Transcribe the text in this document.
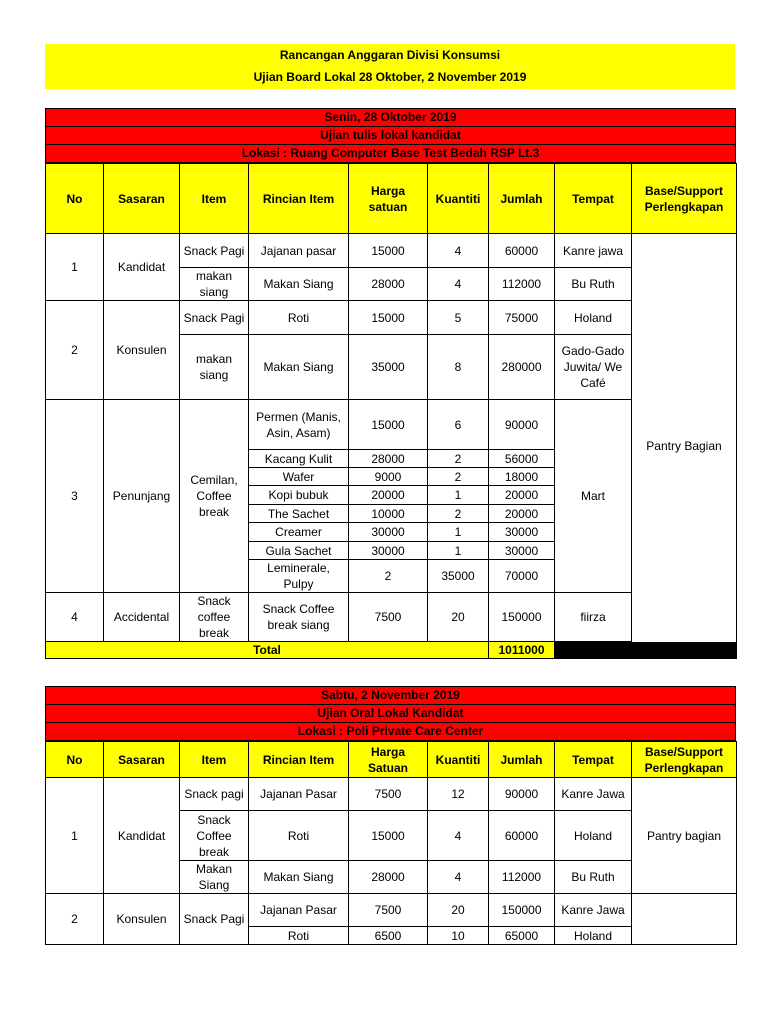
Rancangan Anggaran Divisi Konsumsi
Ujian Board Lokal 28 Oktober, 2 November 2019
Senin, 28 Oktober 2019
Ujian tulis lokal kandidat
Lokasi : Ruang Computer Base Test Bedah RSP Lt.3
No	Sasaran	Item	Rincian Item	Harga satuan	Kuantiti	Jumlah	Tempat	Base/Support Perlengkapan
1	Kandidat	Snack Pagi	Jajanan pasar	15000	4	60000	Kanre jawa	Pantry Bagian
		makan siang	Makan Siang	28000	4	112000	Bu Ruth	
2	Konsulen	Snack Pagi	Roti	15000	5	75000	Holand	
		makan siang	Makan Siang	35000	8	280000	Gado-Gado Juwita/ We Café	
3	Penunjang	Cemilan, Coffee break	Permen (Manis, Asin, Asam)	15000	6	90000	Mart	
			Kacang Kulit	28000	2	56000		
			Wafer	9000	2	18000		
			Kopi bubuk	20000	1	20000		
			The Sachet	10000	2	20000		
			Creamer	30000	1	30000		
			Gula Sachet	30000	1	30000		
			Leminerale, Pulpy	2	35000	70000		
4	Accidental	Snack coffee break	Snack Coffee break siang	7500	20	150000	fiirza	
Total						1011000		
Sabtu, 2 November 2019
Ujian Oral Lokal Kandidat
Lokasi : Poli Private Care Center
No	Sasaran	Item	Rincian Item	Harga Satuan	Kuantiti	Jumlah	Tempat	Base/Support Perlengkapan
1	Kandidat	Snack pagi	Jajanan Pasar	7500	12	90000	Kanre Jawa	Pantry bagian
		Snack Coffee break	Roti	15000	4	60000	Holand	
		Makan Siang	Makan Siang	28000	4	112000	Bu Ruth	
2	Konsulen	Snack Pagi	Jajanan Pasar	7500	20	150000	Kanre Jawa	
			Roti	6500	10	65000	Holand	
